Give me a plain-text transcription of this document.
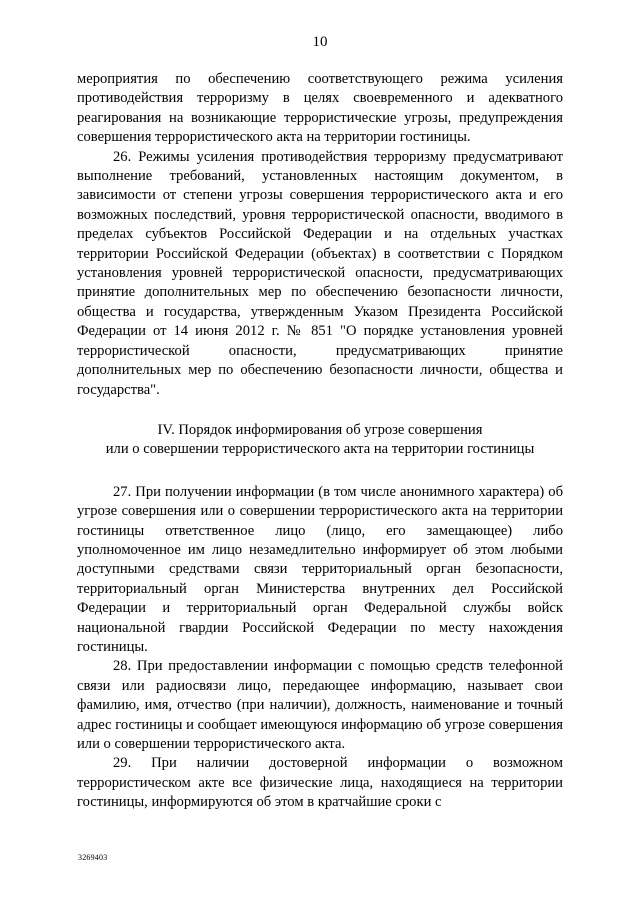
10

мероприятия по обеспечению соответствующего режима усиления противодействия терроризму в целях своевременного и адекватного реагирования на возникающие террористические угрозы, предупреждения совершения террористического акта на территории гостиницы.

26. Режимы усиления противодействия терроризму предусматривают выполнение требований, установленных настоящим документом, в зависимости от степени угрозы совершения террористического акта и его возможных последствий, уровня террористической опасности, вводимого в пределах субъектов Российской Федерации и на отдельных участках территории Российской Федерации (объектах) в соответствии с Порядком установления уровней террористической опасности, предусматривающих принятие дополнительных мер по обеспечению безопасности личности, общества и государства, утвержденным Указом Президента Российской Федерации от 14 июня 2012 г. № 851 "О порядке установления уровней террористической опасности, предусматривающих принятие дополнительных мер по обеспечению безопасности личности, общества и государства".

IV. Порядок информирования об угрозе совершения
или о совершении террористического акта на территории гостиницы

27. При получении информации (в том числе анонимного характера) об угрозе совершения или о совершении террористического акта на территории гостиницы ответственное лицо (лицо, его замещающее) либо уполномоченное им лицо незамедлительно информирует об этом любыми доступными средствами связи территориальный орган безопасности, территориальный орган Министерства внутренних дел Российской Федерации и территориальный орган Федеральной службы войск национальной гвардии Российской Федерации по месту нахождения гостиницы.

28. При предоставлении информации с помощью средств телефонной связи или радиосвязи лицо, передающее информацию, называет свои фамилию, имя, отчество (при наличии), должность, наименование и точный адрес гостиницы и сообщает имеющуюся информацию об угрозе совершения или о совершении террористического акта.

29. При наличии достоверной информации о возможном террористическом акте все физические лица, находящиеся на территории гостиницы, информируются об этом в кратчайшие сроки с

3269403
